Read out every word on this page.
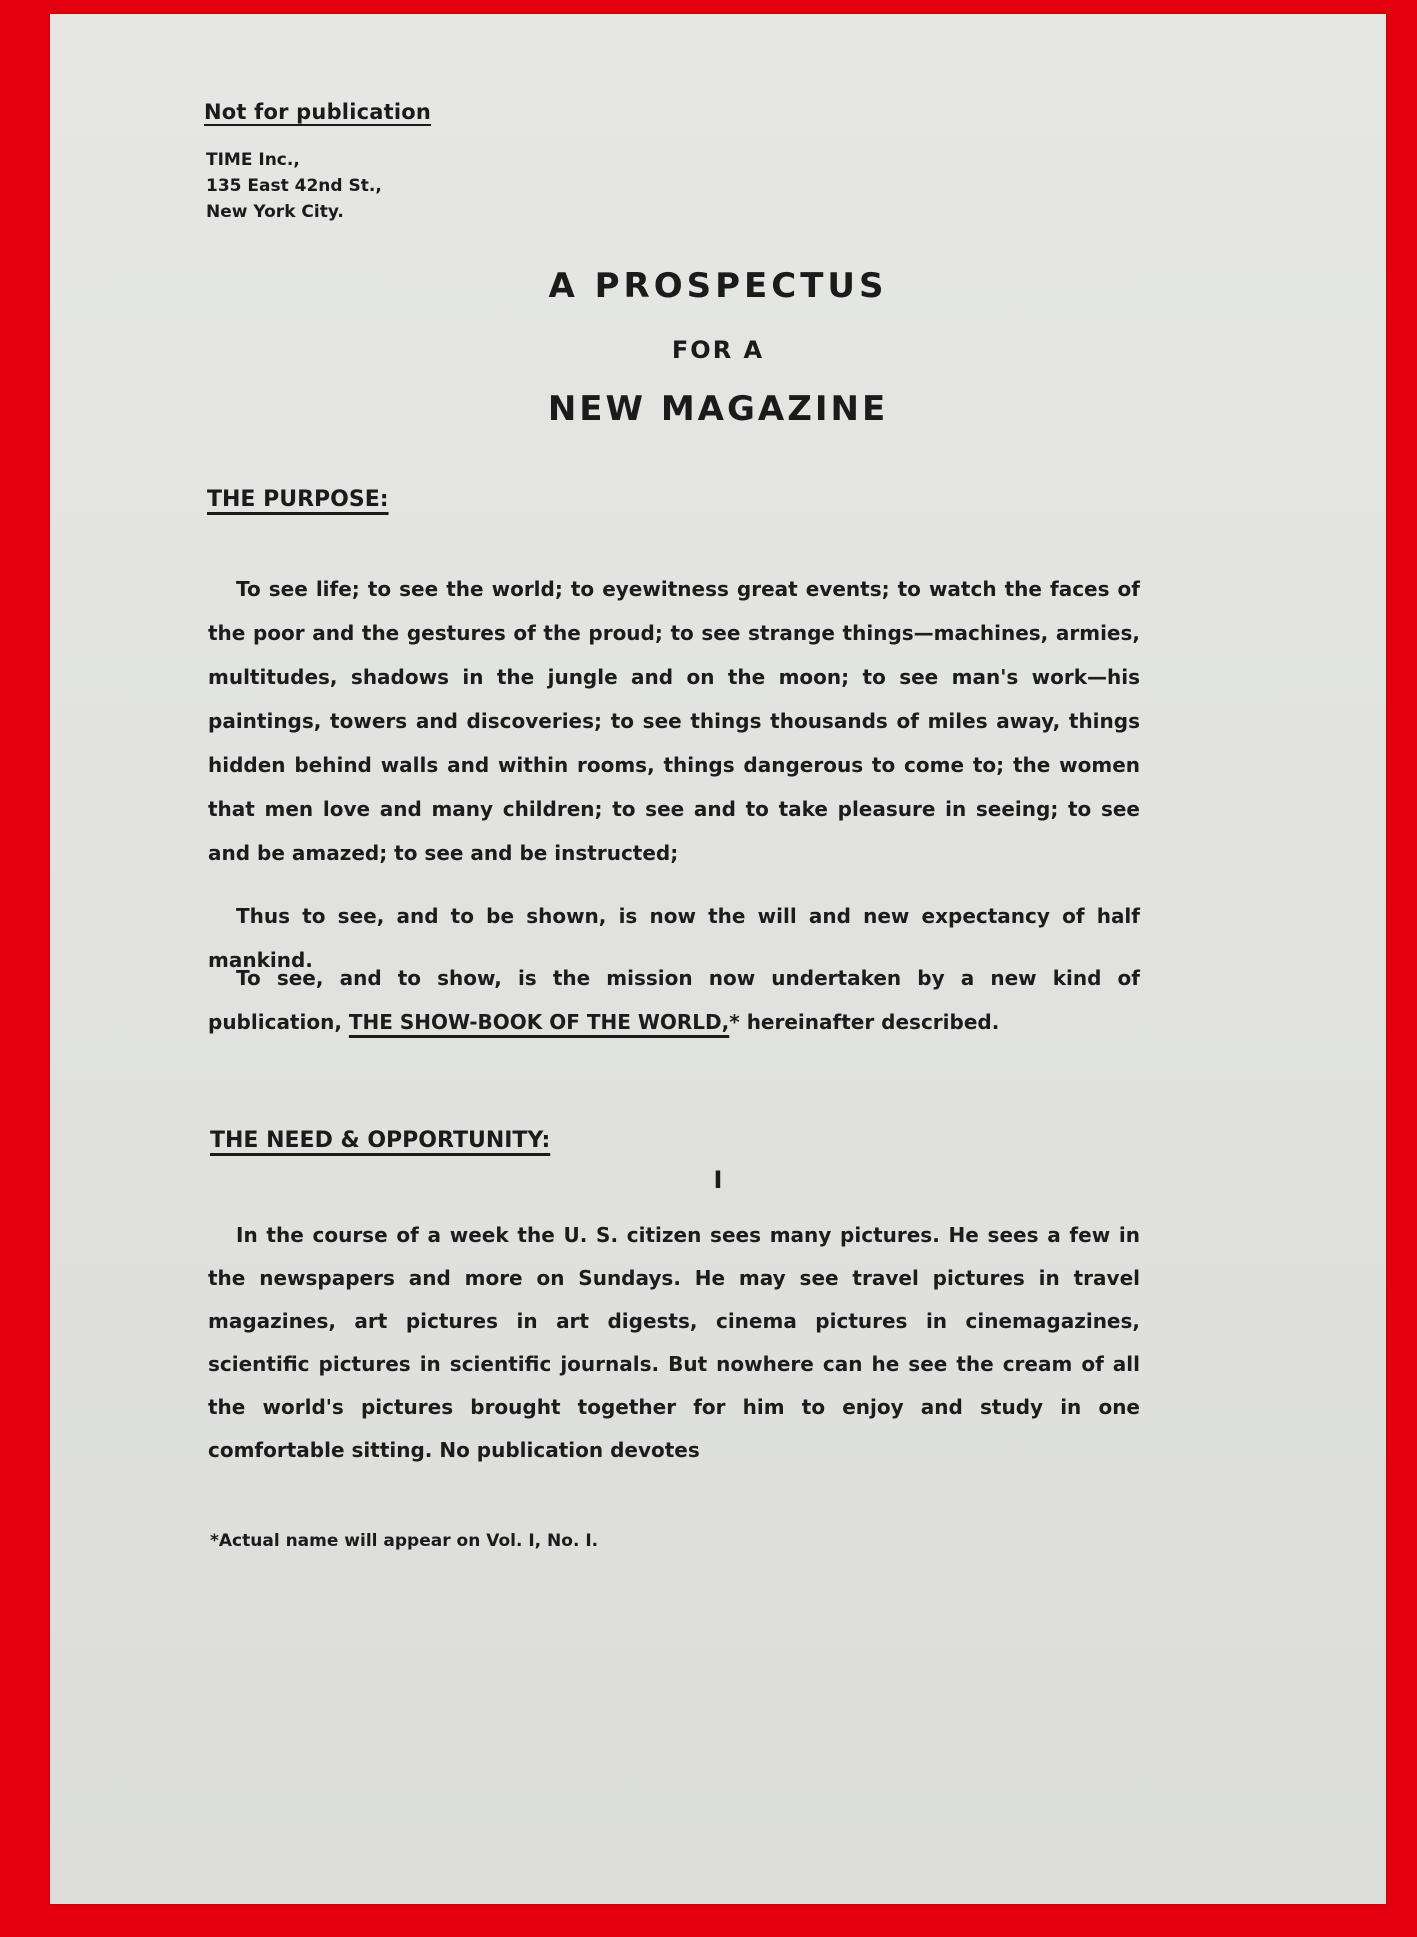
Not for publication
TIME Inc.,
135 East 42nd St.,
New York City.
A PROSPECTUS
FOR A
NEW MAGAZINE
THE PURPOSE:
To see life; to see the world; to eyewitness great events; to watch the faces of the poor and the gestures of the proud; to see strange things—machines, armies, multitudes, shadows in the jungle and on the moon; to see man's work—his paintings, towers and discoveries; to see things thousands of miles away, things hidden behind walls and within rooms, things dangerous to come to; the women that men love and many children; to see and to take pleasure in seeing; to see and be amazed; to see and be instructed;
Thus to see, and to be shown, is now the will and new expectancy of half mankind.
To see, and to show, is the mission now undertaken by a new kind of publication, THE SHOW-BOOK OF THE WORLD,* hereinafter described.
THE NEED & OPPORTUNITY:
I
In the course of a week the U. S. citizen sees many pictures. He sees a few in the newspapers and more on Sundays. He may see travel pictures in travel magazines, art pictures in art digests, cinema pictures in cinemagazines, scientific pictures in scientific journals. But nowhere can he see the cream of all the world's pictures brought together for him to enjoy and study in one comfortable sitting. No publication devotes
*Actual name will appear on Vol. I, No. I.
